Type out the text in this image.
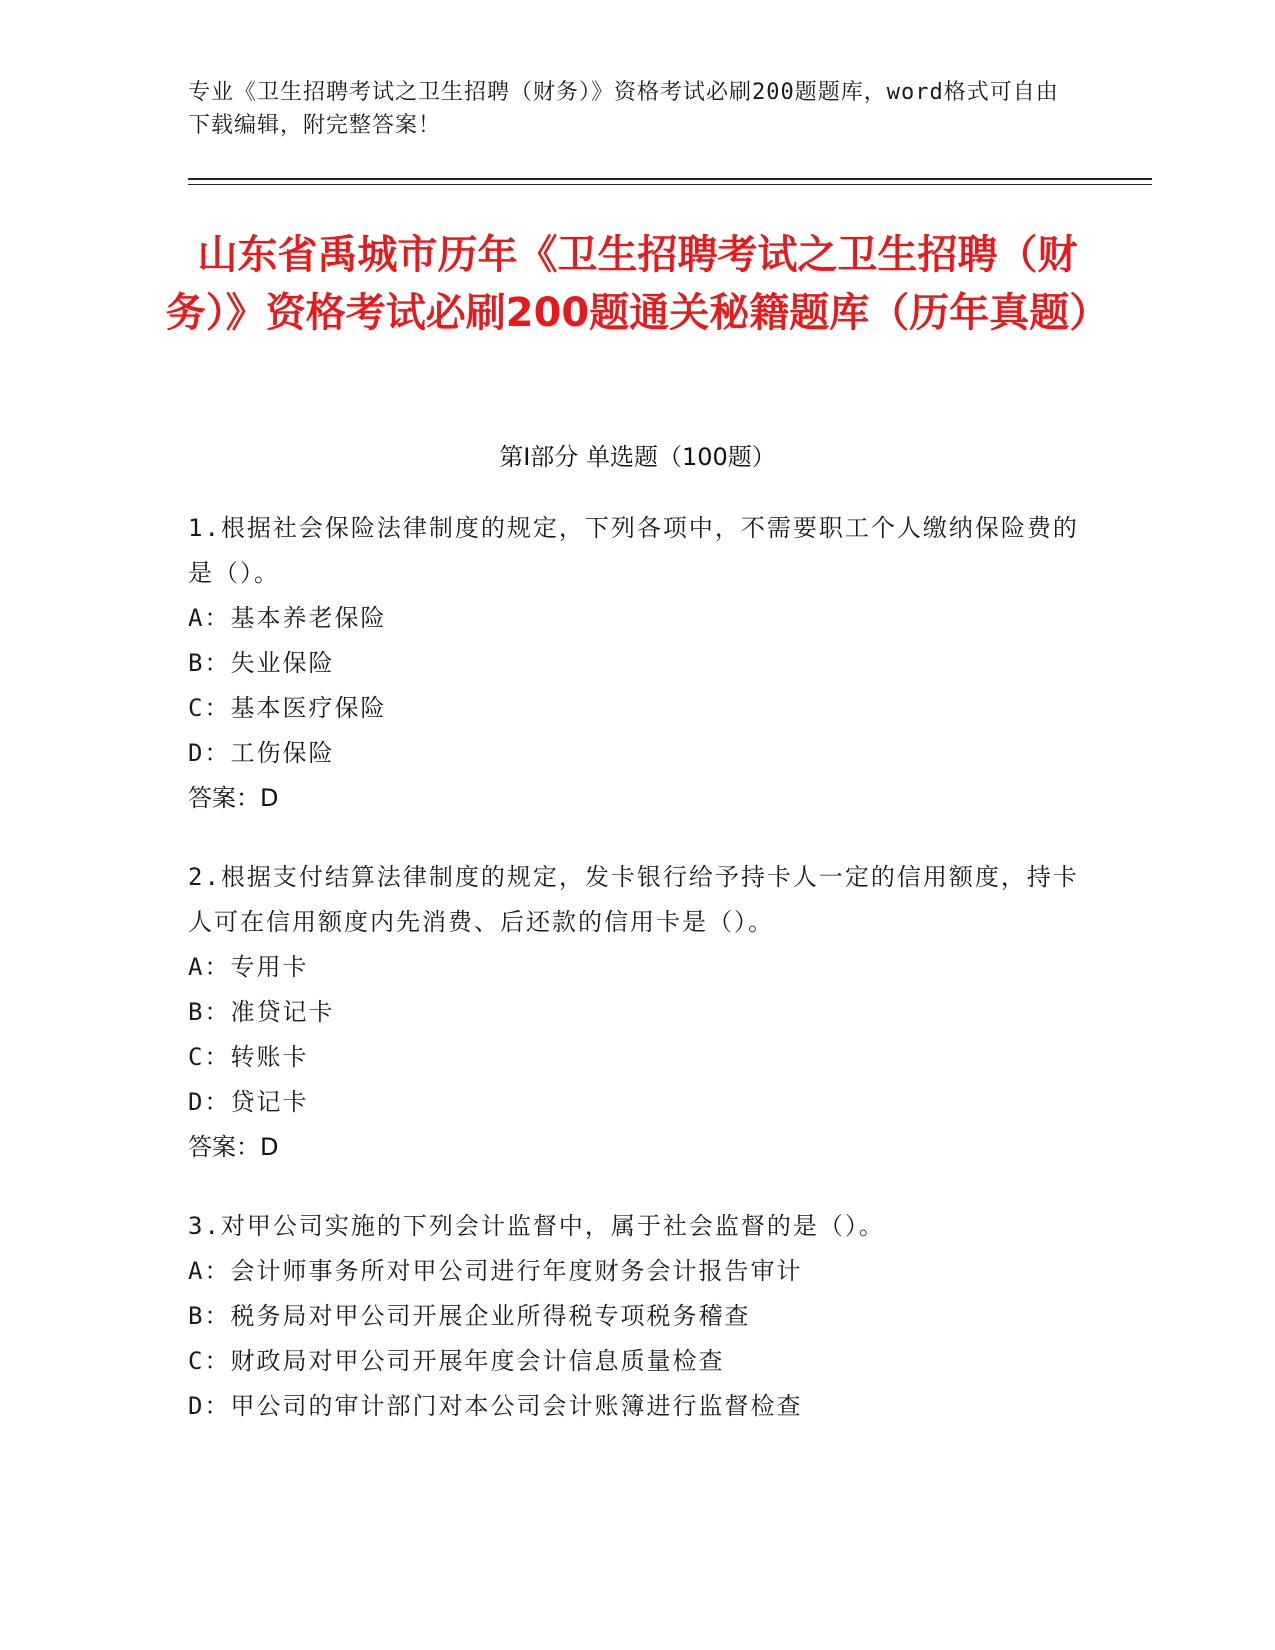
专业《卫生招聘考试之卫生招聘（财务）》资格考试必刷200题题库，word格式可自由下载编辑，附完整答案！
山东省禹城市历年《卫生招聘考试之卫生招聘（财务）》资格考试必刷200题通关秘籍题库（历年真题）
第Ⅰ部分 单选题（100题）
1.根据社会保险法律制度的规定，下列各项中，不需要职工个人缴纳保险费的是（）。
A：基本养老保险
B：失业保险
C：基本医疗保险
D：工伤保险
答案：D
2.根据支付结算法律制度的规定，发卡银行给予持卡人一定的信用额度，持卡人可在信用额度内先消费、后还款的信用卡是（）。
A：专用卡
B：准贷记卡
C：转账卡
D：贷记卡
答案：D
3.对甲公司实施的下列会计监督中，属于社会监督的是（）。
A：会计师事务所对甲公司进行年度财务会计报告审计
B：税务局对甲公司开展企业所得税专项税务稽查
C：财政局对甲公司开展年度会计信息质量检查
D：甲公司的审计部门对本公司会计账簿进行监督检查
